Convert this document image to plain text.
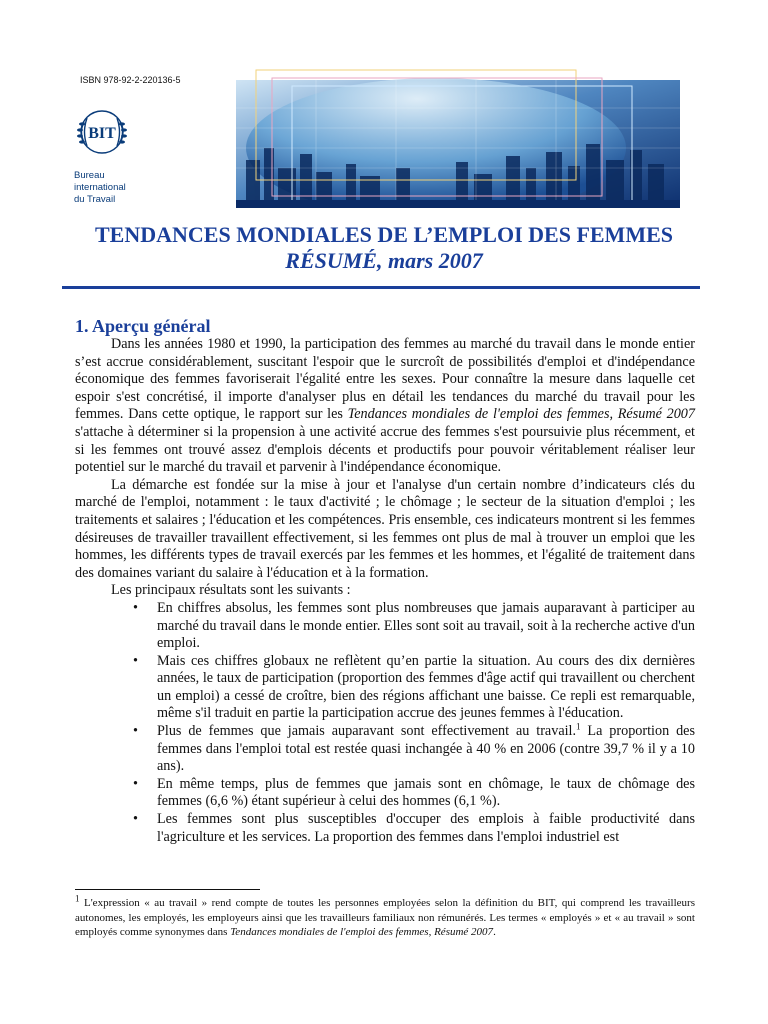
ISBN 978-92-2-220136-5
BIT
Bureau
international
du Travail
TENDANCES MONDIALES DE L’EMPLOI DES FEMMES
RÉSUMÉ, mars 2007
1. Aperçu général

Dans les années 1980 et 1990, la participation des femmes au marché du travail dans le monde entier s’est accrue considérablement, suscitant l'espoir que le surcroît de possibilités d'emploi et d'indépendance économique des femmes favoriserait l'égalité entre les sexes. Pour connaître la mesure dans laquelle cet espoir s'est concrétisé, il importe d'analyser plus en détail les tendances du marché du travail pour les femmes. Dans cette optique, le rapport sur les Tendances mondiales de l'emploi des femmes, Résumé 2007 s'attache à déterminer si la propension à une activité accrue des femmes s'est poursuivie plus récemment, et si les femmes ont trouvé assez d'emplois décents et productifs pour pouvoir véritablement réaliser leur potentiel sur le marché du travail et parvenir à l'indépendance économique.

La démarche est fondée sur la mise à jour et l'analyse d'un certain nombre d’indicateurs clés du marché de l'emploi, notamment : le taux d'activité ; le chômage ; le secteur de la situation d'emploi ; les traitements et salaires ; l'éducation et les compétences. Pris ensemble, ces indicateurs montrent si les femmes désireuses de travailler travaillent effectivement, si les femmes ont plus de mal à trouver un emploi que les hommes, les différents types de travail exercés par les femmes et les hommes, et l'égalité de traitement dans des domaines variant du salaire à l'éducation et à la formation.

Les principaux résultats sont les suivants :

• En chiffres absolus, les femmes sont plus nombreuses que jamais auparavant à participer au marché du travail dans le monde entier. Elles sont soit au travail, soit à la recherche active d'un emploi.
• Mais ces chiffres globaux ne reflètent qu’en partie la situation. Au cours des dix dernières années, le taux de participation (proportion des femmes d'âge actif qui travaillent ou cherchent un emploi) a cessé de croître, bien des régions affichant une baisse. Ce repli est remarquable, même s'il traduit en partie la participation accrue des jeunes femmes à l'éducation.
• Plus de femmes que jamais auparavant sont effectivement au travail.$^1$ La proportion des femmes dans l'emploi total est restée quasi inchangée à 40 % en 2006 (contre 39,7 % il y a 10 ans).
• En même temps, plus de femmes que jamais sont en chômage, le taux de chômage des femmes (6,6 %) étant supérieur à celui des hommes (6,1 %).
• Les femmes sont plus susceptibles d'occuper des emplois à faible productivité dans l'agriculture et les services. La proportion des femmes dans l'emploi industriel est
$^1$ L'expression « au travail » rend compte de toutes les personnes employées selon la définition du BIT, qui comprend les travailleurs autonomes, les employés, les employeurs ainsi que les travailleurs familiaux non rémunérés. Les termes « employés » et « au travail » sont employés comme synonymes dans Tendances mondiales de l'emploi des femmes, Résumé 2007.
